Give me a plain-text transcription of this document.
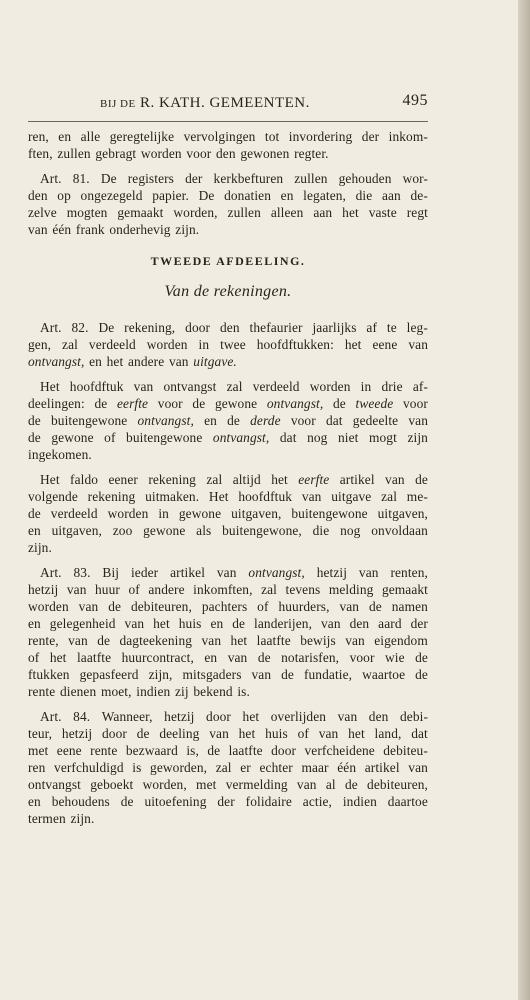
BIJ DE R. KATH. GEMEENTEN.	495
ren, en alle geregtelijke vervolgingen tot invordering der inkom-
ften, zullen gebragt worden voor den gewonen regter.
Art. 81. De registers der kerkbefturen zullen gehouden wor-
den op ongezegeld papier. De donatien en legaten, die aan de-
zelve mogten gemaakt worden, zullen alleen aan het vaste regt
van één frank onderhevig zijn.
TWEEDE AFDEELING.
Van de rekeningen.
Art. 82. De rekening, door den thefaurier jaarlijks af te leg-
gen, zal verdeeld worden in twee hoofdftukken: het eene van
ontvangst, en het andere van uitgave.
Het hoofdftuk van ontvangst zal verdeeld worden in drie af-
deelingen: de eerfte voor de gewone ontvangst, de tweede voor
de buitengewone ontvangst, en de derde voor dat gedeelte van
de gewone of buitengewone ontvangst, dat nog niet mogt zijn
ingekomen.
Het faldo eener rekening zal altijd het eerfte artikel van de
volgende rekening uitmaken. Het hoofdftuk van uitgave zal me-
de verdeeld worden in gewone uitgaven, buitengewone uitgaven,
en uitgaven, zoo gewone als buitengewone, die nog onvoldaan
zijn.
Art. 83. Bij ieder artikel van ontvangst, hetzij van renten,
hetzij van huur of andere inkomften, zal tevens melding gemaakt
worden van de debiteuren, pachters of huurders, van de namen
en gelegenheid van het huis en de landerijen, van den aard der
rente, van de dagteekening van het laatfte bewijs van eigendom
of het laatfte huurcontract, en van de notarisfen, voor wie de
ftukken gepasfeerd zijn, mitsgaders van de fundatie, waartoe de
rente dienen moet, indien zij bekend is.
Art. 84. Wanneer, hetzij door het overlijden van den debi-
teur, hetzij door de deeling van het huis of van het land, dat
met eene rente bezwaard is, de laatfte door verfcheidene debiteu-
ren verfchuldigd is geworden, zal er echter maar één artikel van
ontvangst geboekt worden, met vermelding van al de debiteuren,
en behoudens de uitoefening der folidaire actie, indien daartoe
termen zijn.
